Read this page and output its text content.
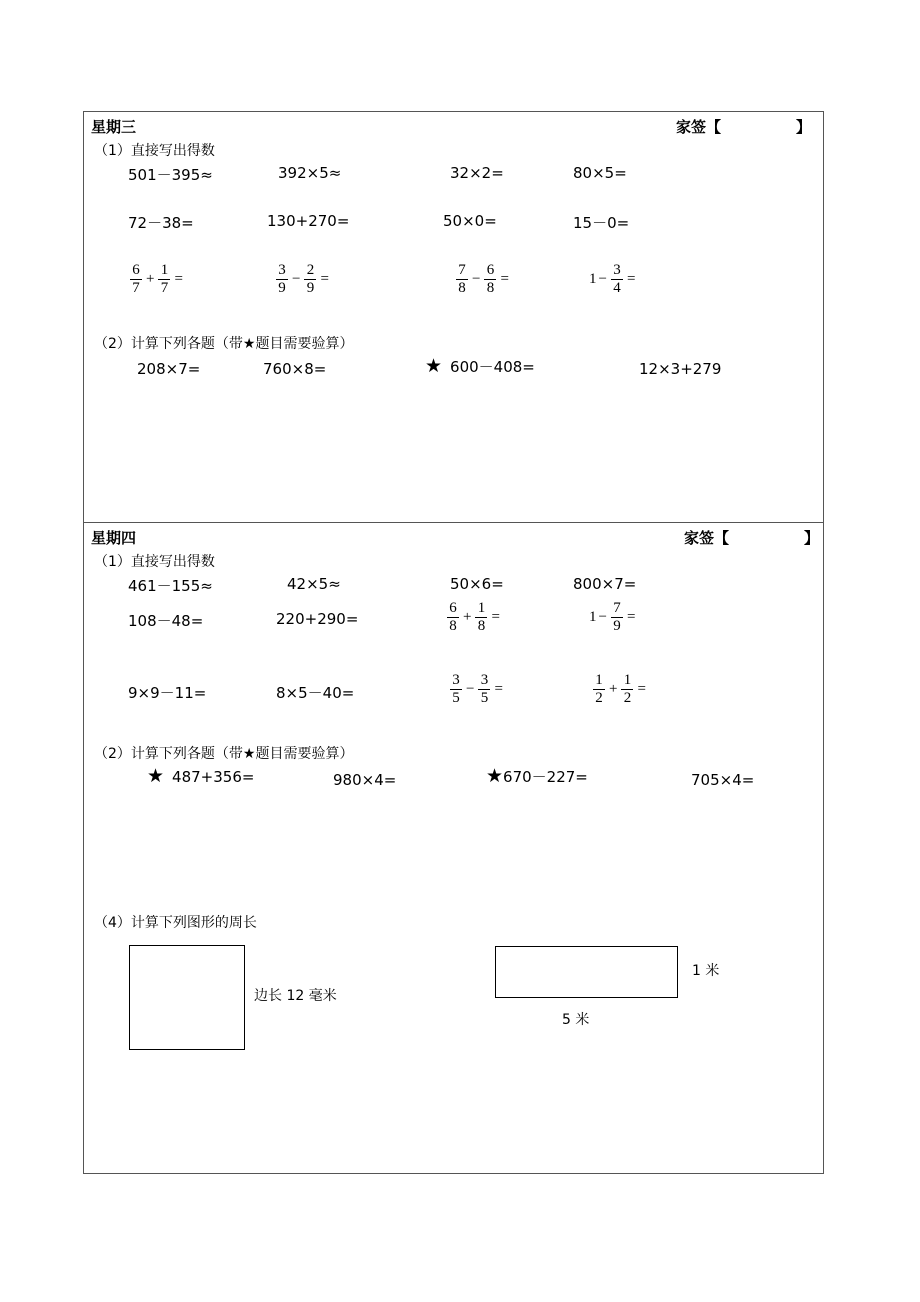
星期三	家签【　　　　　】
（1）直接写出得数
501－395≈	392×5≈	32×2=	80×5=
72－38=	130+270=	50×0=	15－0=
$\frac{6}{7} + \frac{1}{7}$ =	$\frac{3}{9} - \frac{2}{9}$ =	$\frac{7}{8} - \frac{6}{8}$ =	$1 - \frac{3}{4}$ =
（2）计算下列各题（带★题目需要验算）
208×7=	760×8=	★ 600－408=	12×3+279
星期四	家签【　　　　　】
（1）直接写出得数
461－155≈	42×5≈	50×6=	800×7=
108－48=	220+290=	$\frac{6}{8} + \frac{1}{8}$ =	$1 - \frac{7}{9}$ =
9×9－11=	8×5－40=	$\frac{3}{5} - \frac{3}{5}$ =	$\frac{1}{2} + \frac{1}{2}$ =
（2）计算下列各题（带★题目需要验算）
★ 487+356=	980×4=	★670－227=	705×4=
（4）计算下列图形的周长
边长 12 毫米
1 米
5 米
